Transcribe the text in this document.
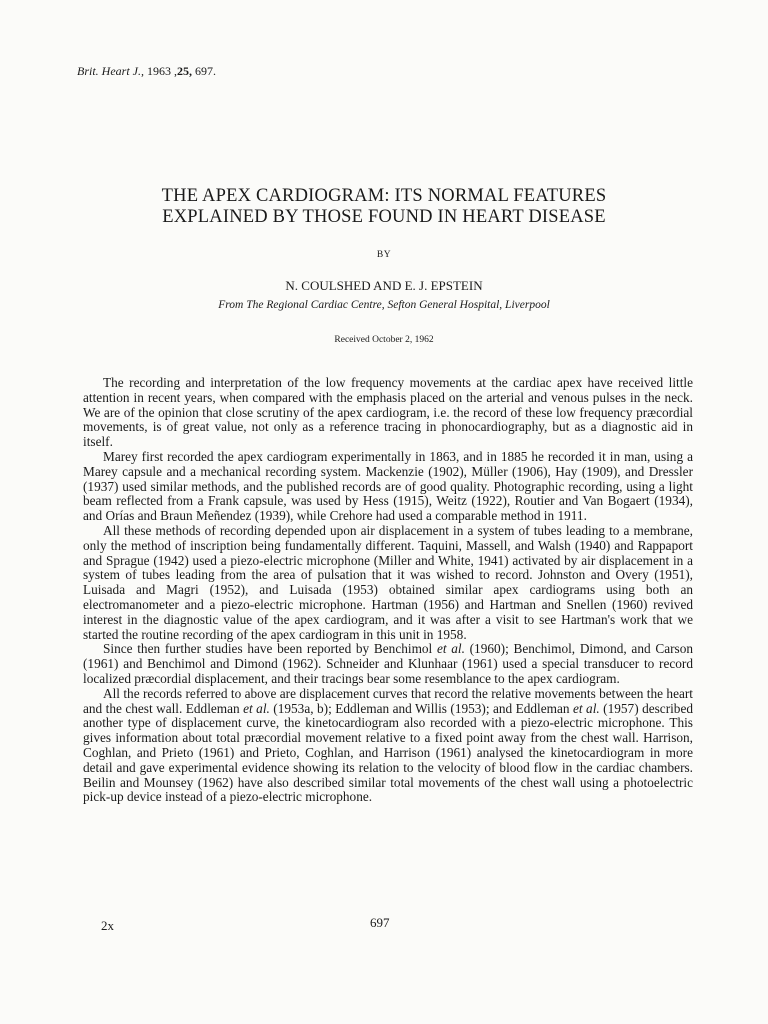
Brit. Heart J., 1963 ,25, 697.
THE APEX CARDIOGRAM: ITS NORMAL FEATURES
EXPLAINED BY THOSE FOUND IN HEART DISEASE
BY
N. COULSHED AND E. J. EPSTEIN
From The Regional Cardiac Centre, Sefton General Hospital, Liverpool
Received October 2, 1962

The recording and interpretation of the low frequency movements at the cardiac apex have received little attention in recent years, when compared with the emphasis placed on the arterial and venous pulses in the neck. We are of the opinion that close scrutiny of the apex cardiogram, i.e. the record of these low frequency præcordial movements, is of great value, not only as a reference tracing in phonocardiography, but as a diagnostic aid in itself.

Marey first recorded the apex cardiogram experimentally in 1863, and in 1885 he recorded it in man, using a Marey capsule and a mechanical recording system. Mackenzie (1902), Müller (1906), Hay (1909), and Dressler (1937) used similar methods, and the published records are of good quality. Photographic recording, using a light beam reflected from a Frank capsule, was used by Hess (1915), Weitz (1922), Routier and Van Bogaert (1934), and Orías and Braun Meñendez (1939), while Crehore had used a comparable method in 1911.

All these methods of recording depended upon air displacement in a system of tubes leading to a membrane, only the method of inscription being fundamentally different. Taquini, Massell, and Walsh (1940) and Rappaport and Sprague (1942) used a piezo-electric microphone (Miller and White, 1941) activated by air displacement in a system of tubes leading from the area of pulsation that it was wished to record. Johnston and Overy (1951), Luisada and Magri (1952), and Luisada (1953) obtained similar apex cardiograms using both an electromanometer and a piezo-electric microphone. Hartman (1956) and Hartman and Snellen (1960) revived interest in the diagnostic value of the apex cardiogram, and it was after a visit to see Hartman's work that we started the routine recording of the apex cardiogram in this unit in 1958.

Since then further studies have been reported by Benchimol et al. (1960); Benchimol, Dimond, and Carson (1961) and Benchimol and Dimond (1962). Schneider and Klunhaar (1961) used a special transducer to record localized præcordial displacement, and their tracings bear some resemblance to the apex cardiogram.

All the records referred to above are displacement curves that record the relative movements between the heart and the chest wall. Eddleman et al. (1953a, b); Eddleman and Willis (1953); and Eddleman et al. (1957) described another type of displacement curve, the kinetocardiogram also recorded with a piezo-electric microphone. This gives information about total præcordial movement relative to a fixed point away from the chest wall. Harrison, Coghlan, and Prieto (1961) and Prieto, Coghlan, and Harrison (1961) analysed the kinetocardiogram in more detail and gave experimental evidence showing its relation to the velocity of blood flow in the cardiac chambers. Beilin and Mounsey (1962) have also described similar total movements of the chest wall using a photoelectric pick-up device instead of a piezo-electric microphone.

2x	697
